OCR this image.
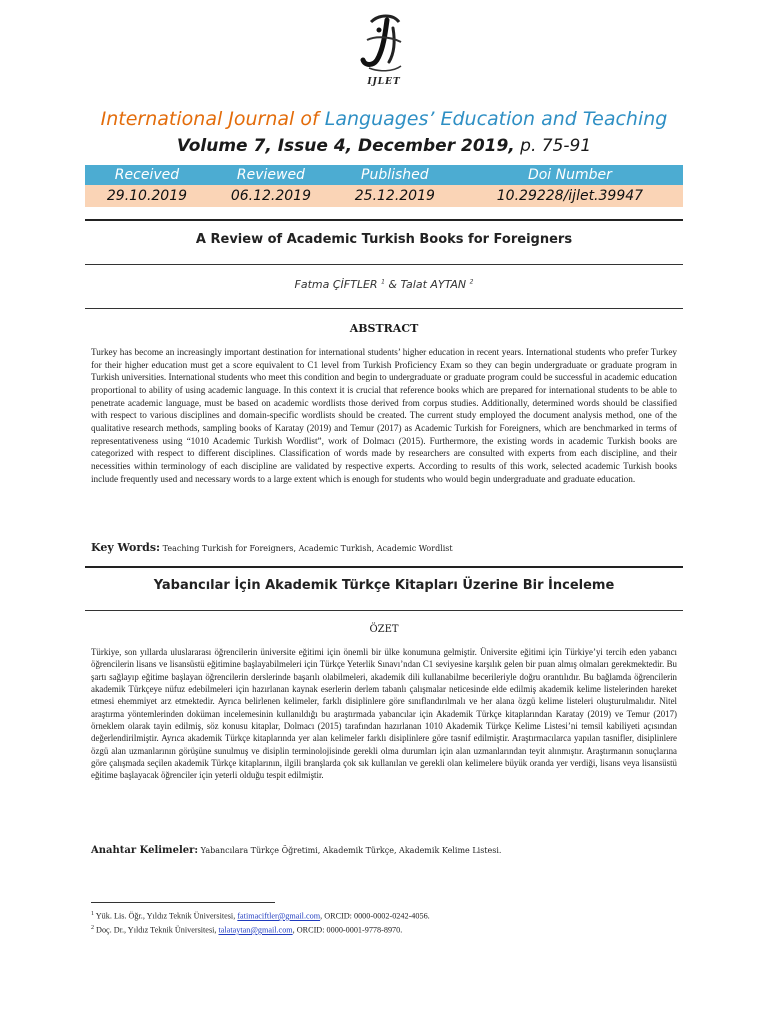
IJLET
International Journal of Languages’ Education and Teaching
Volume 7, Issue 4, December 2019, p. 75-91
Received	Reviewed	Published	Doi Number
29.10.2019	06.12.2019	25.12.2019	10.29228/ijlet.39947
A Review of Academic Turkish Books for Foreigners
Fatma ÇİFTLER $^1$ & Talat AYTAN $^2$
ABSTRACT

Turkey has become an increasingly important destination for international students’ higher education in recent years. International students who prefer Turkey for their higher education must get a score equivalent to C1 level from Turkish Proficiency Exam so they can begin undergraduate or graduate program in Turkish universities. International students who meet this condition and begin to undergraduate or graduate program could be successful in academic education proportional to ability of using academic language. In this context it is crucial that reference books which are prepared for international students to be able to penetrate academic language, must be based on academic wordlists those derived from corpus studies. Additionally, determined words should be classified with respect to various disciplines and domain-specific wordlists should be created. The current study employed the document analysis method, one of the qualitative research methods, sampling books of Karatay (2019) and Temur (2017) as Academic Turkish for Foreigners, which are benchmarked in terms of representativeness using “1010 Academic Turkish Wordlist”, work of Dolmacı (2015). Furthermore, the existing words in academic Turkish books are categorized with respect to different disciplines. Classification of words made by researchers are consulted with experts from each discipline, and their necessities within terminology of each discipline are validated by respective experts. According to results of this work, selected academic Turkish books include frequently used and necessary words to a large extent which is enough for students who would begin undergraduate and graduate education.

Key Words: Teaching Turkish for Foreigners, Academic Turkish, Academic Wordlist
Yabancılar İçin Akademik Türkçe Kitapları Üzerine Bir İnceleme
ÖZET

Türkiye, son yıllarda uluslararası öğrencilerin üniversite eğitimi için önemli bir ülke konumuna gelmiştir. Üniversite eğitimi için Türkiye’yi tercih eden yabancı öğrencilerin lisans ve lisansüstü eğitimine başlayabilmeleri için Türkçe Yeterlik Sınavı’ndan C1 seviyesine karşılık gelen bir puan almış olmaları gerekmektedir. Bu şartı sağlayıp eğitime başlayan öğrencilerin derslerinde başarılı olabilmeleri, akademik dili kullanabilme becerileriyle doğru orantılıdır. Bu bağlamda öğrencilerin akademik Türkçeye nüfuz edebilmeleri için hazırlanan kaynak eserlerin derlem tabanlı çalışmalar neticesinde elde edilmiş akademik kelime listelerinden hareket etmesi ehemmiyet arz etmektedir. Ayrıca belirlenen kelimeler, farklı disiplinlere göre sınıflandırılmalı ve her alana özgü kelime listeleri oluşturulmalıdır. Nitel araştırma yöntemlerinden doküman incelemesinin kullanıldığı bu araştırmada yabancılar için Akademik Türkçe kitaplarından Karatay (2019) ve Temur (2017) örneklem olarak tayin edilmiş, söz konusu kitaplar, Dolmacı (2015) tarafından hazırlanan 1010 Akademik Türkçe Kelime Listesi’ni temsil kabiliyeti açısından değerlendirilmiştir. Ayrıca akademik Türkçe kitaplarında yer alan kelimeler farklı disiplinlere göre tasnif edilmiştir. Araştırmacılarca yapılan tasnifler, disiplinlere özgü alan uzmanlarının görüşüne sunulmuş ve disiplin terminolojisinde gerekli olma durumları için alan uzmanlarından teyit alınmıştır. Araştırmanın sonuçlarına göre çalışmada seçilen akademik Türkçe kitaplarının, ilgili branşlarda çok sık kullanılan ve gerekli olan kelimelere büyük oranda yer verdiği, lisans veya lisansüstü eğitime başlayacak öğrenciler için yeterli olduğu tespit edilmiştir.

Anahtar Kelimeler: Yabancılara Türkçe Öğretimi, Akademik Türkçe, Akademik Kelime Listesi.
$^1$ Yük. Lis. Öğr., Yıldız Teknik Üniversitesi, fatimaciftler@gmail.com, ORCID: 0000-0002-0242-4056.
$^2$ Doç. Dr., Yıldız Teknik Üniversitesi, talataytan@gmail.com, ORCID: 0000-0001-9778-8970.
